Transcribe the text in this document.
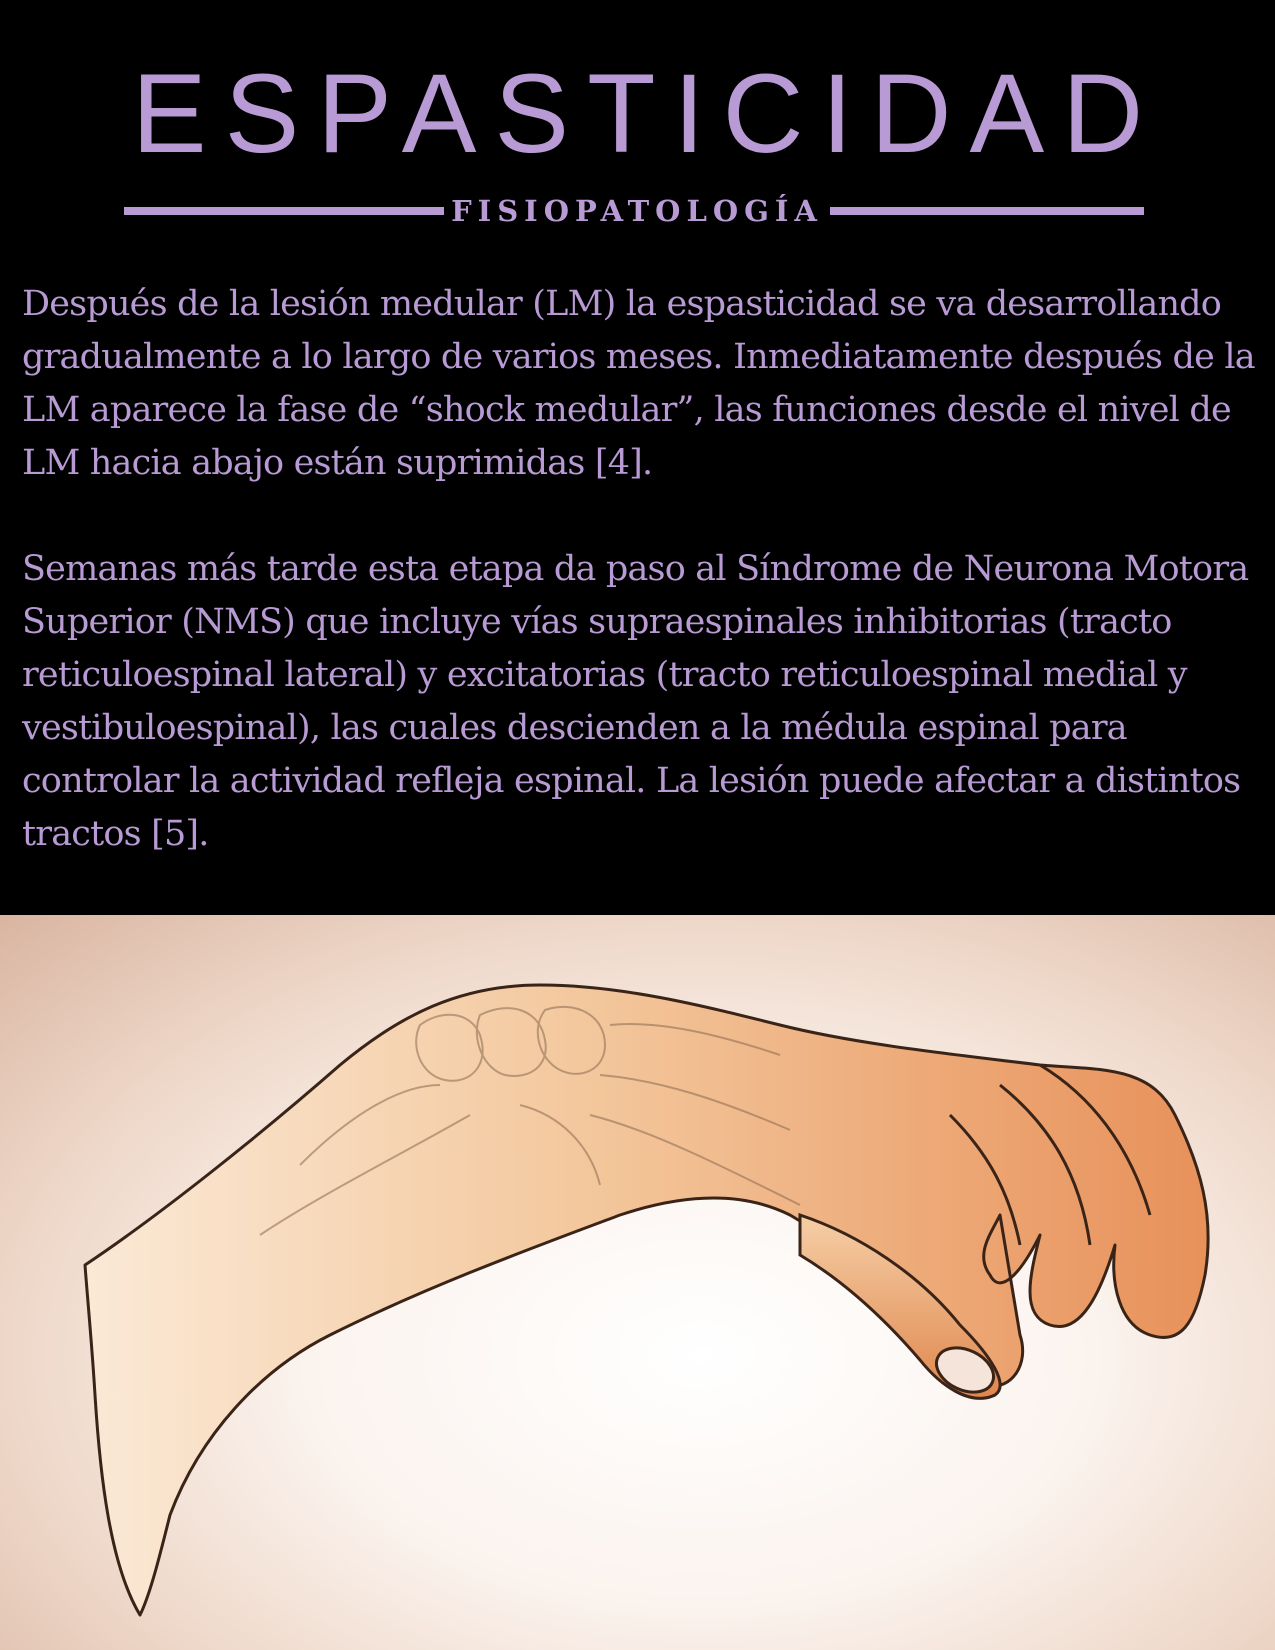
ESPASTICIDAD
FISIOPATOLOGÍA
Después de la lesión medular (LM) la espasticidad se va desarrollando gradualmente a lo largo de varios meses. Inmediatamente después de la LM aparece la fase de “shock medular”, las funciones desde el nivel de LM hacia abajo están suprimidas [4].
Semanas más tarde esta etapa da paso al Síndrome de Neurona Motora Superior (NMS) que incluye vías supraespinales inhibitorias (tracto reticuloespinal lateral) y excitatorias (tracto reticuloespinal medial y vestibuloespinal), las cuales descienden a la médula espinal para controlar la actividad refleja espinal. La lesión puede afectar a distintos tractos [5].
